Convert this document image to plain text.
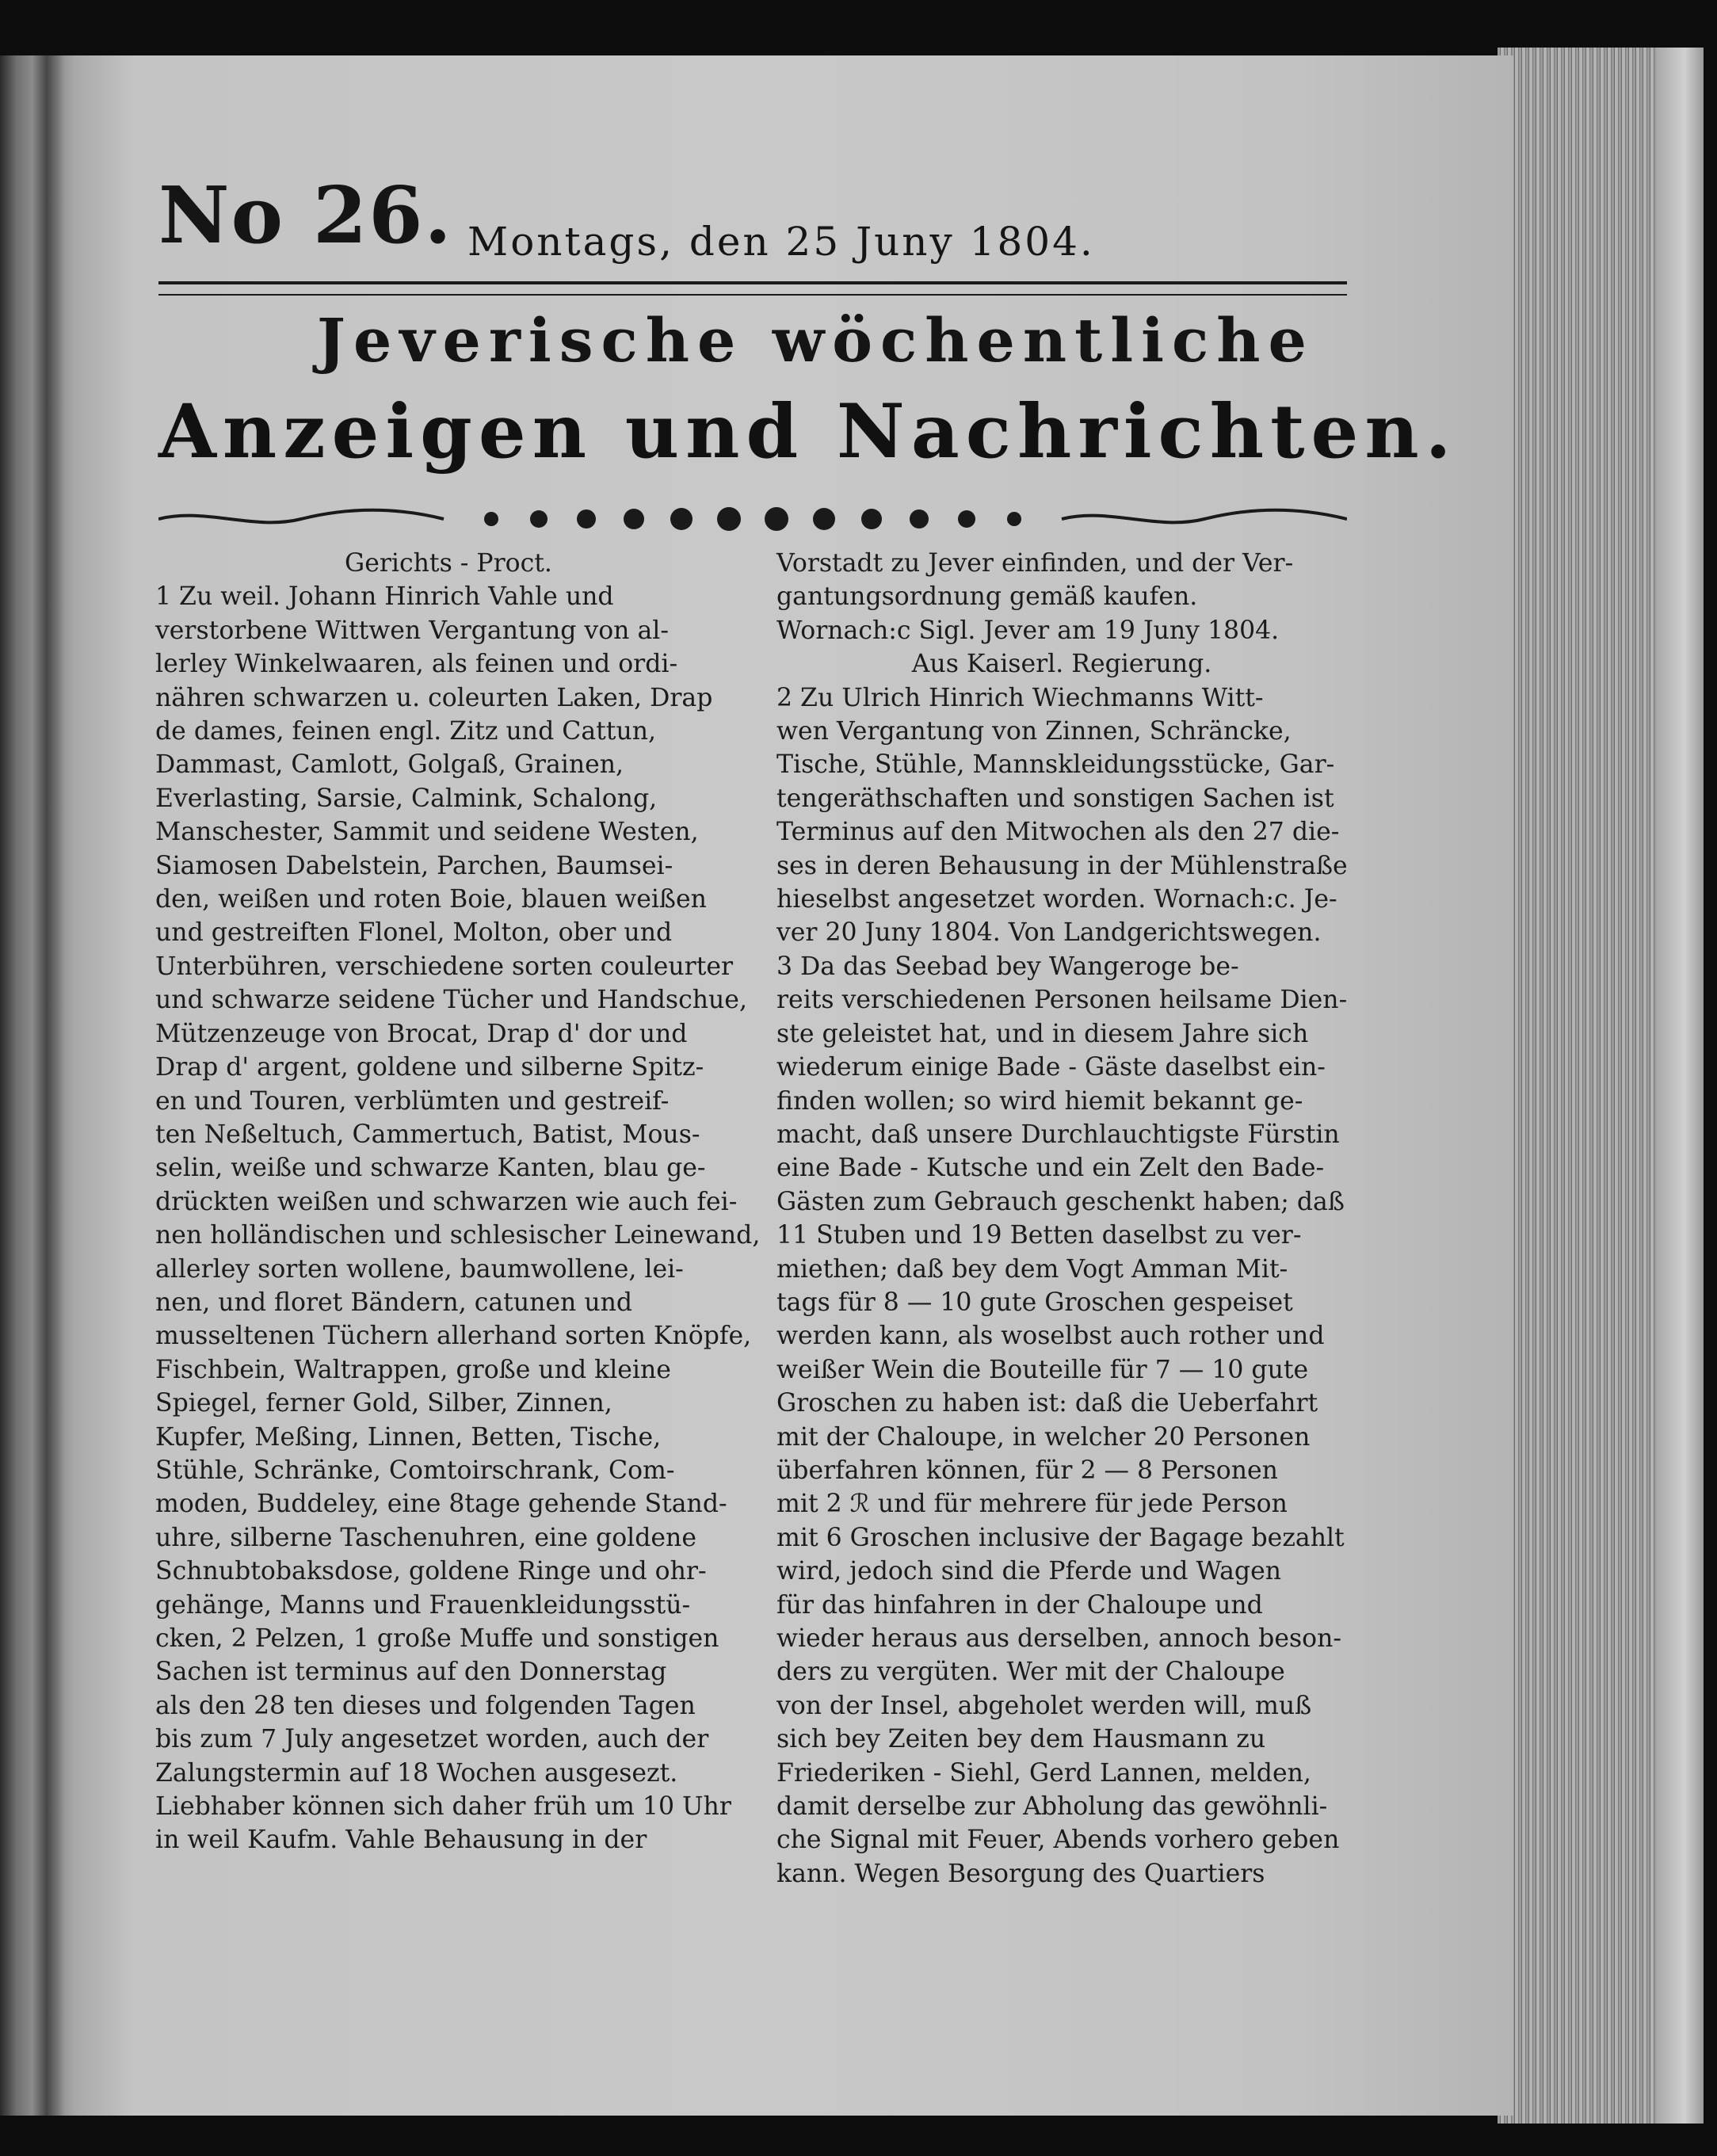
No 26. Montags, den 25 Juny 1804.
Jeverische wöchentliche
Anzeigen und Nachrichten.

Gerichts - Proct.

1 Zu weil. Johann Hinrich Vahle und

verstorbene Wittwen Vergantung von al-

lerley Winkelwaaren, als feinen und ordi-

nähren schwarzen u. coleurten Laken, Drap

de dames, feinen engl. Zitz und Cattun,

Dammast, Camlott, Golgaß, Grainen,

Everlasting, Sarsie, Calmink, Schalong,

Manschester, Sammit und seidene Westen,

Siamosen Dabelstein, Parchen, Baumsei-

den, weißen und roten Boie, blauen weißen

und gestreiften Flonel, Molton, ober und

Unterbühren, verschiedene sorten couleurter

und schwarze seidene Tücher und Handschue,

Mützenzeuge von Brocat, Drap d' dor und

Drap d' argent, goldene und silberne Spitz-

en und Touren, verblümten und gestreif-

ten Neßeltuch, Cammertuch, Batist, Mous-

selin, weiße und schwarze Kanten, blau ge-

drückten weißen und schwarzen wie auch fei-

nen holländischen und schlesischer Leinewand,

allerley sorten wollene, baumwollene, lei-

nen, und floret Bändern, catunen und

musseltenen Tüchern allerhand sorten Knöpfe,

Fischbein, Waltrappen, große und kleine

Spiegel, ferner Gold, Silber, Zinnen,

Kupfer, Meßing, Linnen, Betten, Tische,

Stühle, Schränke, Comtoirschrank, Com-

moden, Buddeley, eine 8tage gehende Stand-

uhre, silberne Taschenuhren, eine goldene

Schnubtobaksdose, goldene Ringe und ohr-

gehänge, Manns und Frauenkleidungsstü-

cken, 2 Pelzen, 1 große Muffe und sonstigen

Sachen ist terminus auf den Donnerstag

als den 28 ten dieses und folgenden Tagen

bis zum 7 July angesetzet worden, auch der

Zalungstermin auf 18 Wochen ausgesezt.

Liebhaber können sich daher früh um 10 Uhr

in weil Kaufm. Vahle Behausung in der

Vorstadt zu Jever einfinden, und der Ver-

gantungsordnung gemäß kaufen.

Wornach:c Sigl. Jever am 19 Juny 1804.

Aus Kaiserl. Regierung.

2 Zu Ulrich Hinrich Wiechmanns Witt-

wen Vergantung von Zinnen, Schräncke,

Tische, Stühle, Mannskleidungsstücke, Gar-

tengeräthschaften und sonstigen Sachen ist

Terminus auf den Mitwochen als den 27 die-

ses in deren Behausung in der Mühlenstraße

hieselbst angesetzet worden. Wornach:c. Je-

ver 20 Juny 1804. Von Landgerichtswegen.

3 Da das Seebad bey Wangeroge be-

reits verschiedenen Personen heilsame Dien-

ste geleistet hat, und in diesem Jahre sich

wiederum einige Bade - Gäste daselbst ein-

finden wollen; so wird hiemit bekannt ge-

macht, daß unsere Durchlauchtigste Fürstin

eine Bade - Kutsche und ein Zelt den Bade-

Gästen zum Gebrauch geschenkt haben; daß

11 Stuben und 19 Betten daselbst zu ver-

miethen; daß bey dem Vogt Amman Mit-

tags für 8 — 10 gute Groschen gespeiset

werden kann, als woselbst auch rother und

weißer Wein die Bouteille für 7 — 10 gute

Groschen zu haben ist: daß die Ueberfahrt

mit der Chaloupe, in welcher 20 Personen

überfahren können, für 2 — 8 Personen

mit 2 ℛ und für mehrere für jede Person

mit 6 Groschen inclusive der Bagage bezahlt

wird, jedoch sind die Pferde und Wagen

für das hinfahren in der Chaloupe und

wieder heraus aus derselben, annoch beson-

ders zu vergüten. Wer mit der Chaloupe

von der Insel, abgeholet werden will, muß

sich bey Zeiten bey dem Hausmann zu

Friederiken - Siehl, Gerd Lannen, melden,

damit derselbe zur Abholung das gewöhnli-

che Signal mit Feuer, Abends vorhero geben

kann. Wegen Besorgung des Quartiers
